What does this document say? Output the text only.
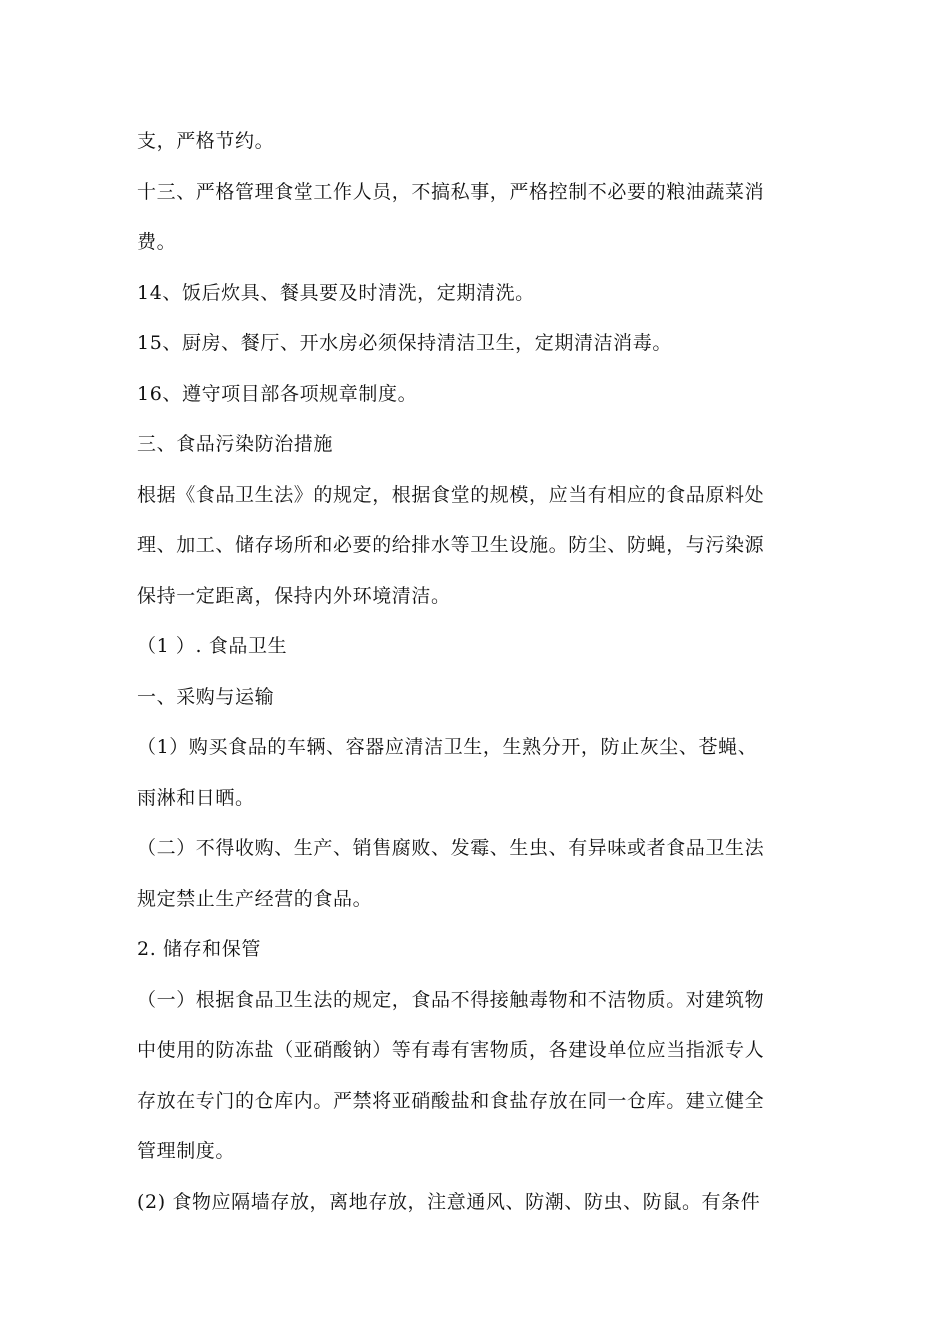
支，严格节约。
十三、严格管理食堂工作人员，不搞私事，严格控制不必要的粮油蔬菜消
费。
14、饭后炊具、餐具要及时清洗，定期清洗。
15、厨房、餐厅、开水房必须保持清洁卫生，定期清洁消毒。
16、遵守项目部各项规章制度。
三、食品污染防治措施
根据《食品卫生法》的规定，根据食堂的规模，应当有相应的食品原料处
理、加工、储存场所和必要的给排水等卫生设施。防尘、防蝇，与污染源
保持一定距离，保持内外环境清洁。
（1 ）. 食品卫生
一、采购与运输
（1）购买食品的车辆、容器应清洁卫生，生熟分开，防止灰尘、苍蝇、
雨淋和日晒。
（二）不得收购、生产、销售腐败、发霉、生虫、有异味或者食品卫生法
规定禁止生产经营的食品。
2. 储存和保管
（一）根据食品卫生法的规定，食品不得接触毒物和不洁物质。对建筑物
中使用的防冻盐（亚硝酸钠）等有毒有害物质，各建设单位应当指派专人
存放在专门的仓库内。严禁将亚硝酸盐和食盐存放在同一仓库。建立健全
管理制度。
(2) 食物应隔墙存放，离地存放，注意通风、防潮、防虫、防鼠。有条件
